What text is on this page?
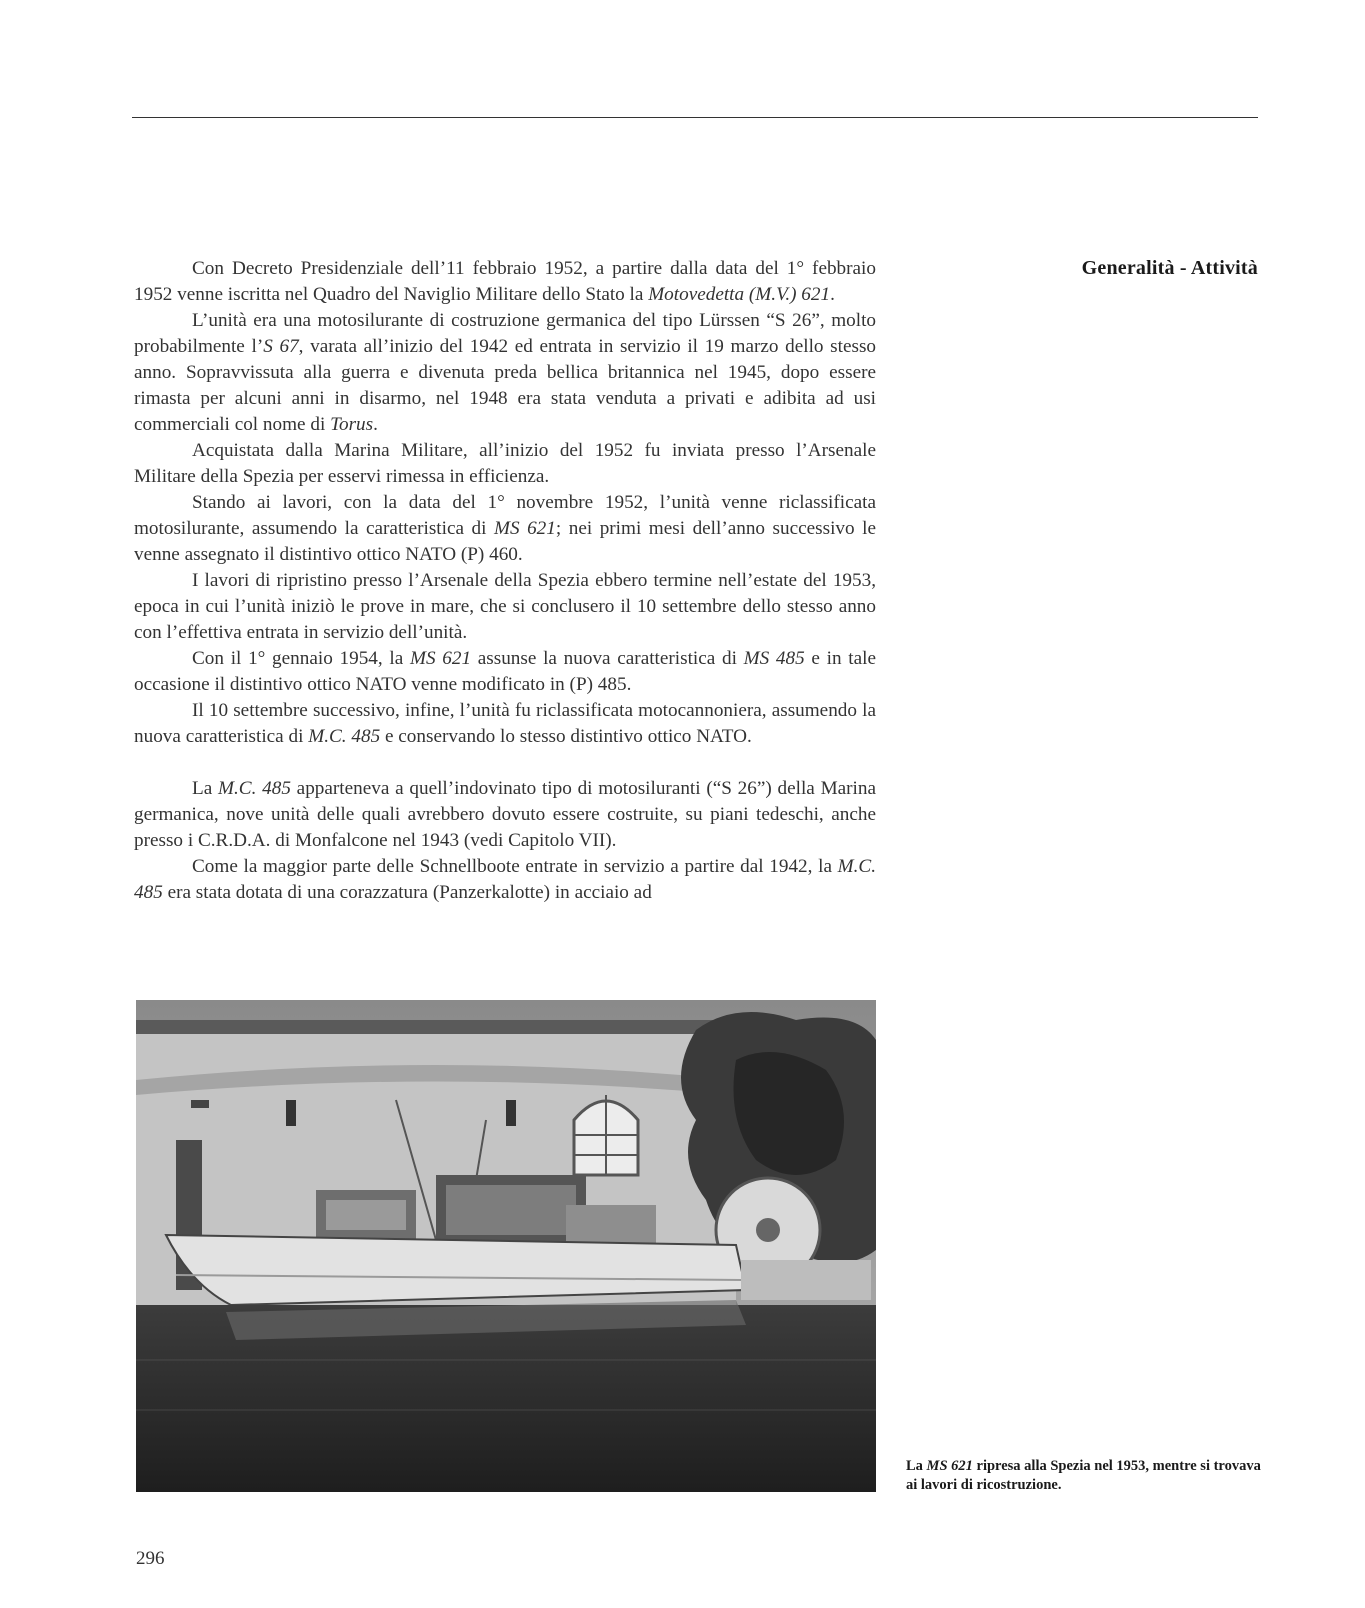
Generalità - Attività

Con Decreto Presidenziale dell’11 febbraio 1952, a partire dalla data del 1° febbraio 1952 venne iscritta nel Quadro del Naviglio Militare dello Stato la Motovedetta (M.V.) 621.

L’unità era una motosilurante di costruzione germanica del tipo Lürssen “S 26”, molto probabilmente l’S 67, varata all’inizio del 1942 ed entrata in servizio il 19 marzo dello stesso anno. Sopravvissuta alla guerra e divenuta preda bellica britannica nel 1945, dopo essere rimasta per alcuni anni in disarmo, nel 1948 era stata venduta a privati e adibita ad usi commerciali col nome di Torus.

Acquistata dalla Marina Militare, all’inizio del 1952 fu inviata presso l’Arsenale Militare della Spezia per esservi rimessa in efficienza.

Stando ai lavori, con la data del 1° novembre 1952, l’unità venne riclassificata motosilurante, assumendo la caratteristica di MS 621; nei primi mesi dell’anno successivo le venne assegnato il distintivo ottico NATO (P) 460.

I lavori di ripristino presso l’Arsenale della Spezia ebbero termine nell’estate del 1953, epoca in cui l’unità iniziò le prove in mare, che si conclusero il 10 settembre dello stesso anno con l’effettiva entrata in servizio dell’unità.

Con il 1° gennaio 1954, la MS 621 assunse la nuova caratteristica di MS 485 e in tale occasione il distintivo ottico NATO venne modificato in (P) 485.

Il 10 settembre successivo, infine, l’unità fu riclassificata motocannoniera, assumendo la nuova caratteristica di M.C. 485 e conservando lo stesso distintivo ottico NATO.

La M.C. 485 apparteneva a quell’indovinato tipo di motosiluranti (“S 26”) della Marina germanica, nove unità delle quali avrebbero dovuto essere costruite, su piani tedeschi, anche presso i C.R.D.A. di Monfalcone nel 1943 (vedi Capitolo VII).

Come la maggior parte delle Schnellboote entrate in servizio a partire dal 1942, la M.C. 485 era stata dotata di una corazzatura (Panzerkalotte) in acciaio ad

La MS 621 ripresa alla Spezia nel 1953, mentre si trovava ai lavori di ricostruzione.
296
